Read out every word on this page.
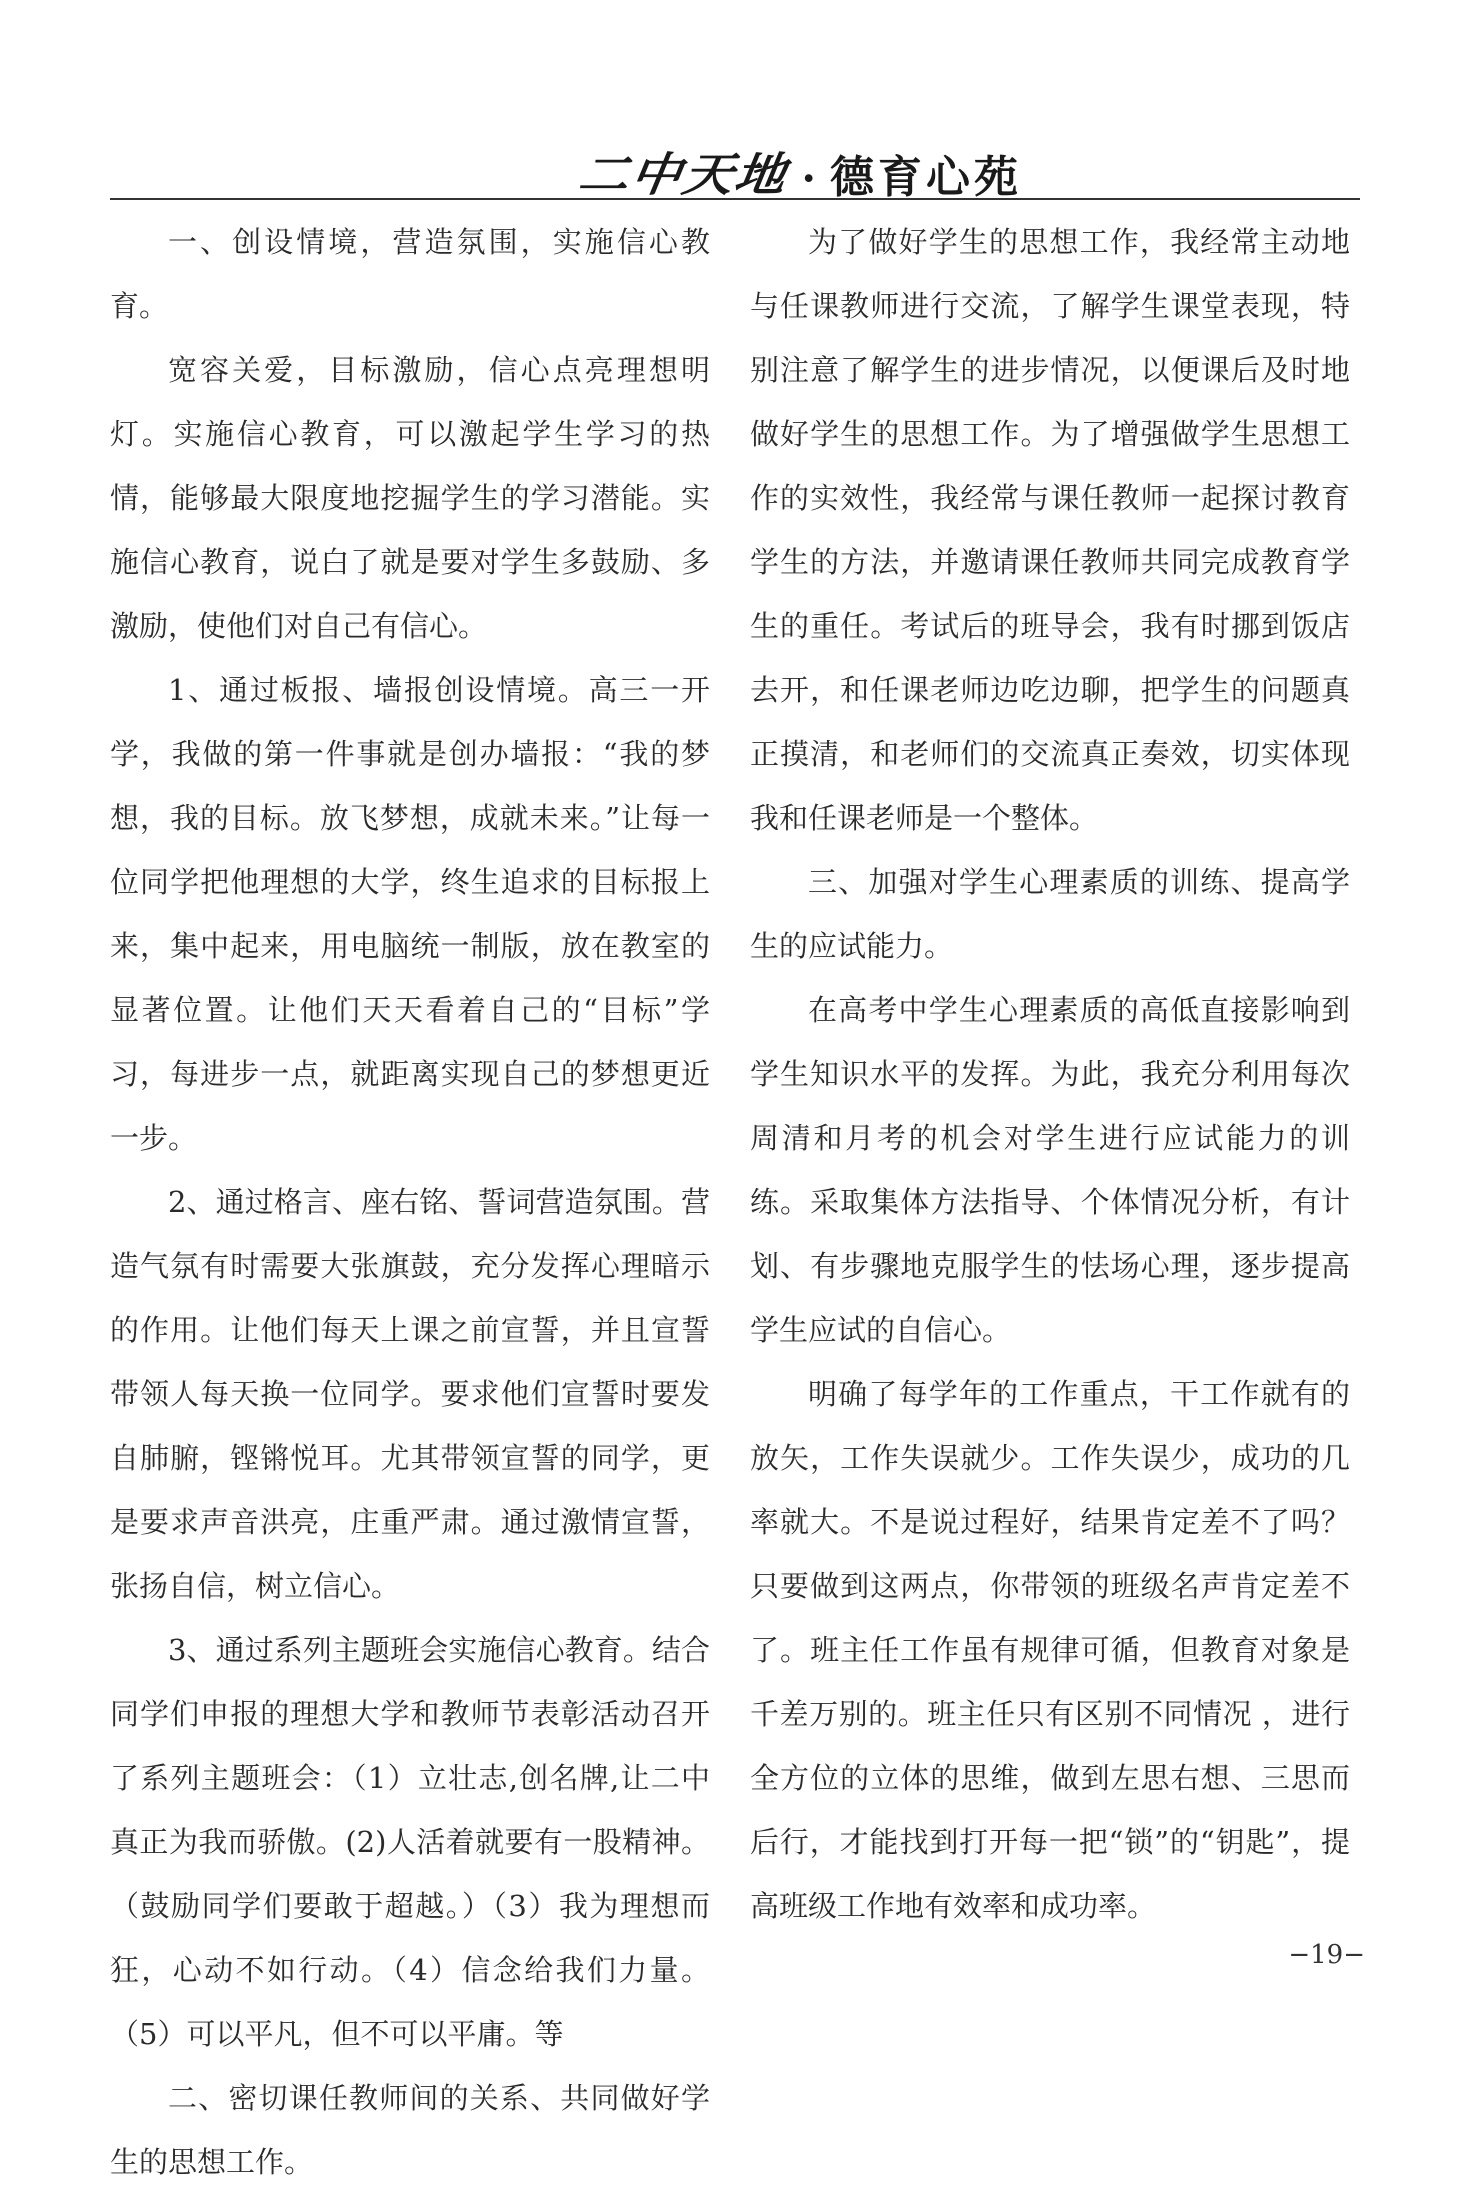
二中天地 · 德育心苑

一、创设情境，营造氛围，实施信心教育。

宽容关爱，目标激励，信心点亮理想明灯。实施信心教育，可以激起学生学习的热情，能够最大限度地挖掘学生的学习潜能。实施信心教育，说白了就是要对学生多鼓励、多激励，使他们对自己有信心。

1、通过板报、墙报创设情境。高三一开学，我做的第一件事就是创办墙报：“我的梦想，我的目标。放飞梦想，成就未来。”让每一位同学把他理想的大学，终生追求的目标报上来，集中起来，用电脑统一制版，放在教室的显著位置。让他们天天看着自己的“目标”学习，每进步一点，就距离实现自己的梦想更近一步。

2、通过格言、座右铭、誓词营造氛围。营造气氛有时需要大张旗鼓，充分发挥心理暗示的作用。让他们每天上课之前宣誓，并且宣誓带领人每天换一位同学。要求他们宣誓时要发自肺腑，铿锵悦耳。尤其带领宣誓的同学，更是要求声音洪亮，庄重严肃。通过激情宣誓，张扬自信，树立信心。

3、通过系列主题班会实施信心教育。结合同学们申报的理想大学和教师节表彰活动召开了系列主题班会：（1）立壮志,创名牌,让二中真正为我而骄傲。(2)人活着就要有一股精神。（鼓励同学们要敢于超越。）（3）我为理想而狂，心动不如行动。（4）信念给我们力量。（5）可以平凡，但不可以平庸。等

二、密切课任教师间的关系、共同做好学生的思想工作。

为了做好学生的思想工作，我经常主动地与任课教师进行交流，了解学生课堂表现，特别注意了解学生的进步情况，以便课后及时地做好学生的思想工作。为了增强做学生思想工作的实效性，我经常与课任教师一起探讨教育学生的方法，并邀请课任教师共同完成教育学生的重任。考试后的班导会，我有时挪到饭店去开，和任课老师边吃边聊，把学生的问题真正摸清，和老师们的交流真正奏效，切实体现我和任课老师是一个整体。

三、加强对学生心理素质的训练、提高学生的应试能力。

在高考中学生心理素质的高低直接影响到学生知识水平的发挥。为此，我充分利用每次周清和月考的机会对学生进行应试能力的训练。采取集体方法指导、个体情况分析，有计划、有步骤地克服学生的怯场心理，逐步提高学生应试的自信心。

明确了每学年的工作重点，干工作就有的放矢，工作失误就少。工作失误少，成功的几率就大。不是说过程好，结果肯定差不了吗？只要做到这两点，你带领的班级名声肯定差不了。班主任工作虽有规律可循，但教育对象是千差万别的。班主任只有区别不同情况 ，进行全方位的立体的思维，做到左思右想、三思而后行，才能找到打开每一把“锁”的“钥匙”，提高班级工作地有效率和成功率。

−19−
